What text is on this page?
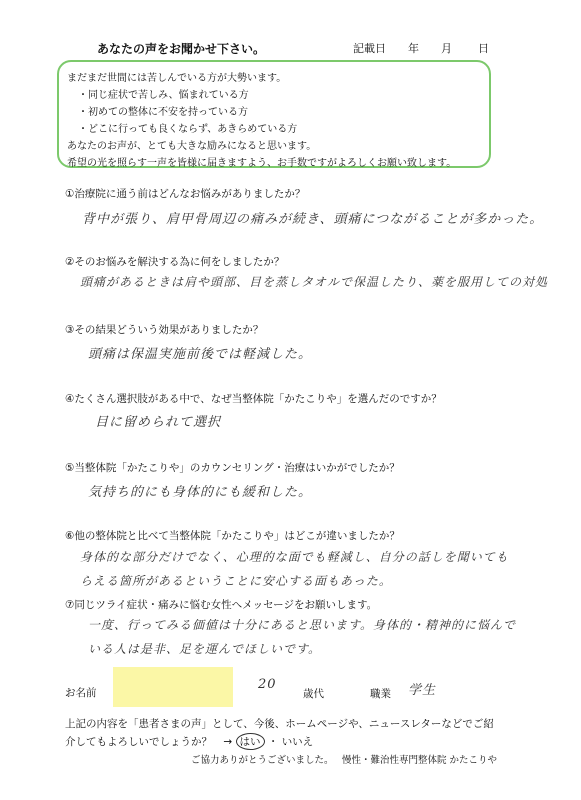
あなたの声をお聞かせ下さい。	記載日 年 月 日
まだまだ世間には苦しんでいる方が大勢います。
・同じ症状で苦しみ、悩まれている方
・初めての整体に不安を持っている方
・どこに行っても良くならず、あきらめている方
あなたのお声が、とても大きな励みになると思います。
希望の光を照らす一声を皆様に届きますよう、お手数ですがよろしくお願い致します。
①治療院に通う前はどんなお悩みがありましたか？
背中が張り、肩甲骨周辺の痛みが続き、頭痛につながることが多かった。
②そのお悩みを解決する為に何をしましたか？
頭痛があるときは肩や頭部、目を蒸しタオルで保温したり、薬を服用しての対処
③その結果どういう効果がありましたか？
頭痛は保温実施前後では軽減した。
④たくさん選択肢がある中で、なぜ当整体院「かたこりや」を選んだのですか？
目に留められて選択
⑤当整体院「かたこりや」のカウンセリング・治療はいかがでしたか？
気持ち的にも身体的にも緩和した。
⑥他の整体院と比べて当整体院「かたこりや」はどこが違いましたか？
身体的な部分だけでなく、心理的な面でも軽減し、自分の話しを聞いてもらえる箇所があるということに安心する面もあった。
⑦同じツライ症状・痛みに悩む女性へメッセージをお願いします。
一度、行ってみる価値は十分にあると思います。身体的・精神的に悩んでいる人は是非、足を運んでほしいです。
お名前
20
歳代	職業 学生
上記の内容を「患者さまの声」として、今後、ホームページや、ニュースレターなどでご紹
介してもよろしいでしょうか？ → はい ・ いいえ
ご協力ありがとうございました。 慢性・難治性専門整体院 かたこりや
